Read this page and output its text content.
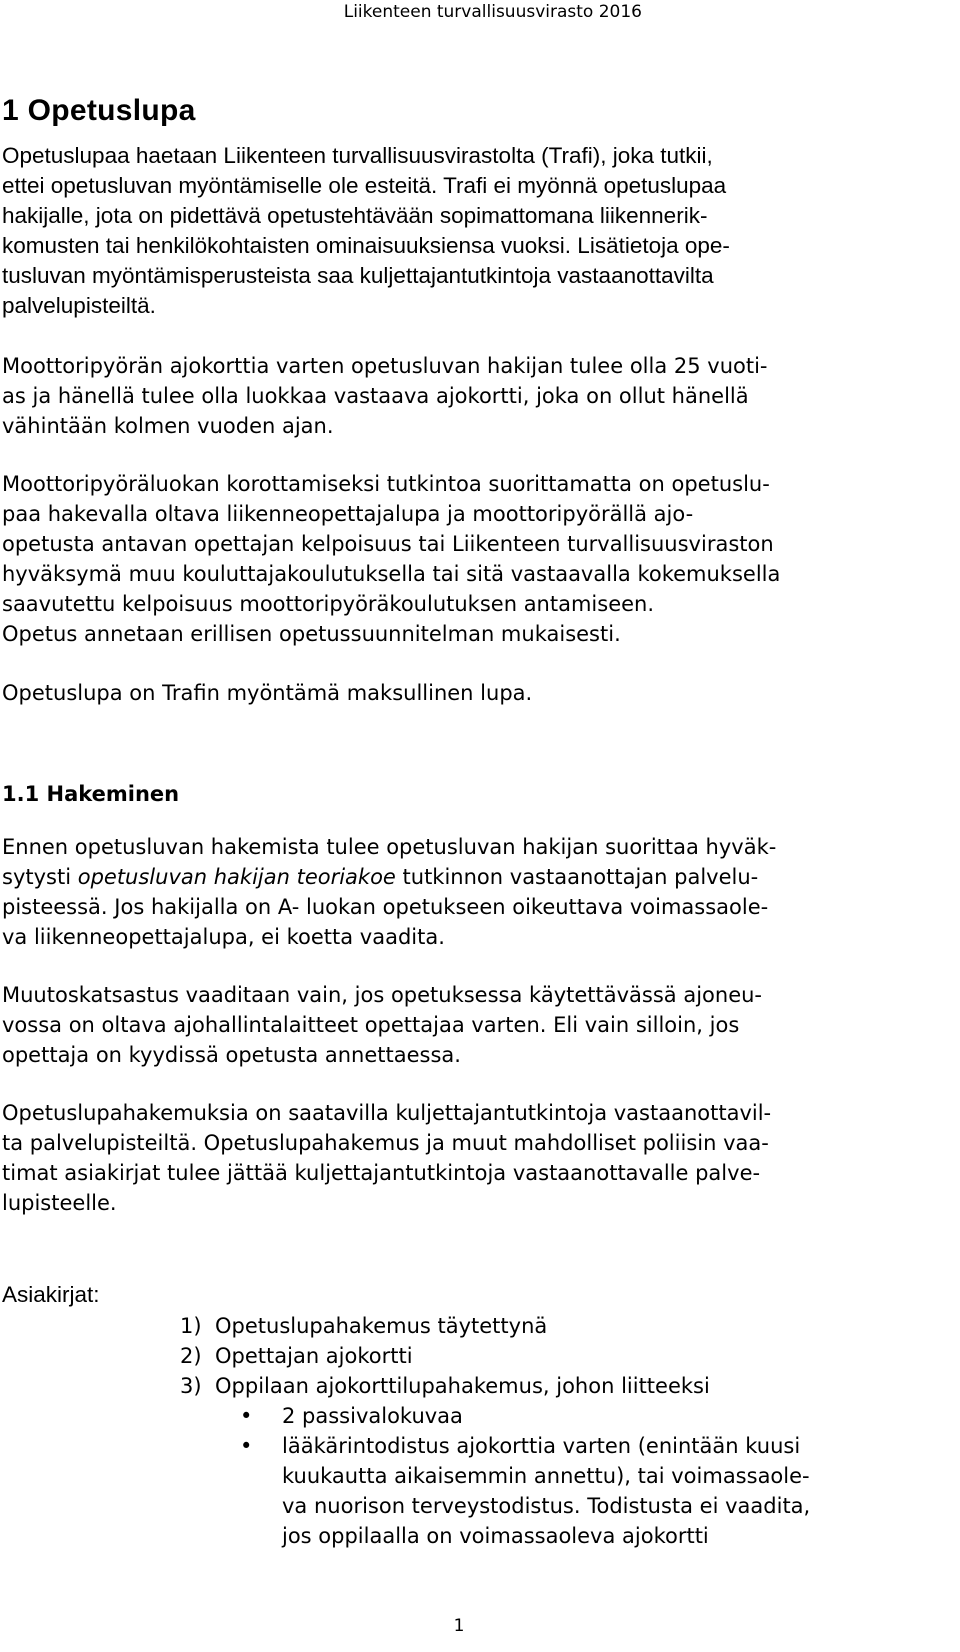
Liikenteen turvallisuusvirasto 2016
1 Opetuslupa
Opetuslupaa haetaan Liikenteen turvallisuusvirastolta (Trafi), joka tutkii,
ettei opetusluvan myöntämiselle ole esteitä. Trafi ei myönnä opetuslupaa
hakijalle, jota on pidettävä opetustehtävään sopimattomana liikennerik-
komusten tai henkilökohtaisten ominaisuuksiensa vuoksi. Lisätietoja ope-
tusluvan myöntämisperusteista saa kuljettajantutkintoja vastaanottavilta
palvelupisteiltä.
Moottoripyörän ajokorttia varten opetusluvan hakijan tulee olla 25 vuoti-
as ja hänellä tulee olla luokkaa vastaava ajokortti, joka on ollut hänellä
vähintään kolmen vuoden ajan.
Moottoripyöräluokan korottamiseksi tutkintoa suorittamatta on opetuslu-
paa hakevalla oltava liikenneopettajalupa ja moottoripyörällä ajo-
opetusta antavan opettajan kelpoisuus tai Liikenteen turvallisuusviraston
hyväksymä muu kouluttajakoulutuksella tai sitä vastaavalla kokemuksella
saavutettu kelpoisuus moottoripyöräkoulutuksen antamiseen.
Opetus annetaan erillisen opetussuunnitelman mukaisesti.
Opetuslupa on Trafin myöntämä maksullinen lupa.
1.1 Hakeminen
Ennen opetusluvan hakemista tulee opetusluvan hakijan suorittaa hyväk-
sytysti opetusluvan hakijan teoriakoe tutkinnon vastaanottajan palvelu-
pisteessä. Jos hakijalla on A- luokan opetukseen oikeuttava voimassaole-
va liikenneopettajalupa, ei koetta vaadita.
Muutoskatsastus vaaditaan vain, jos opetuksessa käytettävässä ajoneu-
vossa on oltava ajohallintalaitteet opettajaa varten. Eli vain silloin, jos
opettaja on kyydissä opetusta annettaessa.
Opetuslupahakemuksia on saatavilla kuljettajantutkintoja vastaanottavil-
ta palvelupisteiltä. Opetuslupahakemus ja muut mahdolliset poliisin vaa-
timat asiakirjat tulee jättää kuljettajantutkintoja vastaanottavalle palve-
lupisteelle.
Asiakirjat:
1) Opetuslupahakemus täytettynä
2) Opettajan ajokortti
3) Oppilaan ajokorttilupahakemus, johon liitteeksi
• 2 passivalokuvaa
• lääkärintodistus ajokorttia varten (enintään kuusi
kuukautta aikaisemmin annettu), tai voimassaole-
va nuorison terveystodistus. Todistusta ei vaadita,
jos oppilaalla on voimassaoleva ajokortti
1
